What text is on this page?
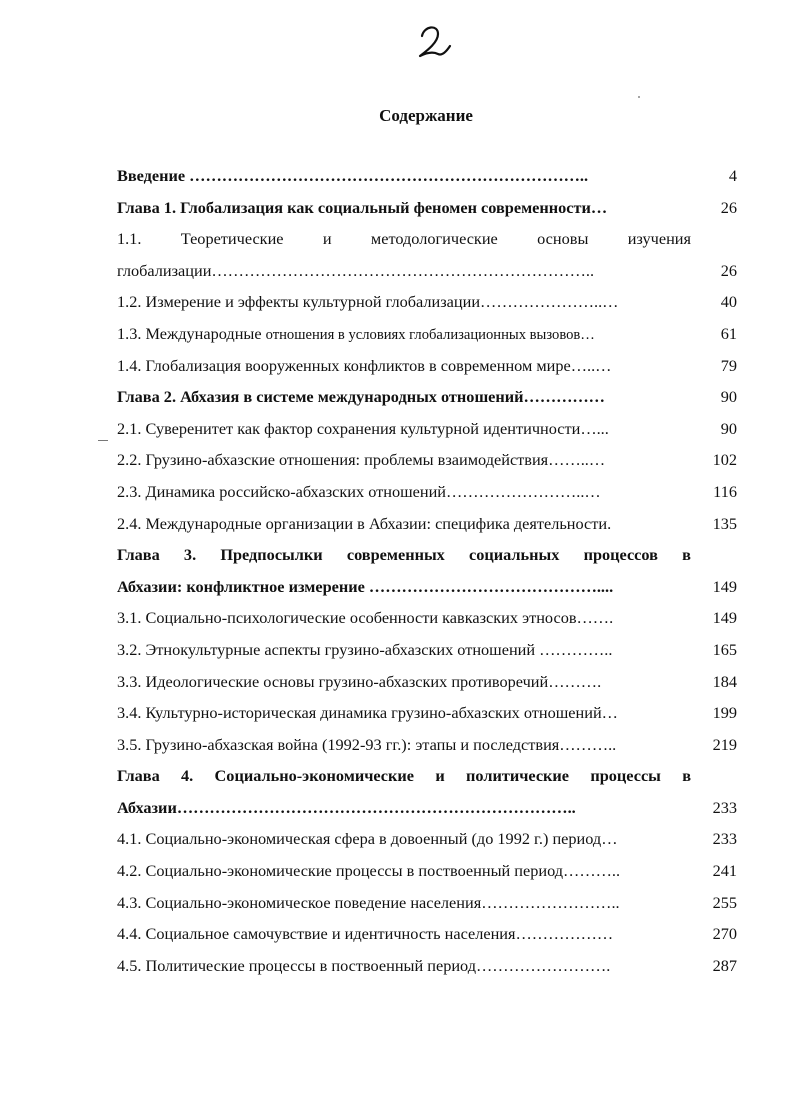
Содержание
Введение ………………………………………………………………..	4
Глава 1. Глобализация как социальный феномен современности…	26
1.1. Теоретические и методологические основы изучения
глобализации……………………………………………………………..	26
1.2. Измерение и эффекты культурной глобализации…………………..…	40
1.3. Международные отношения в условиях глобализационных вызовов…	61
1.4. Глобализация вооруженных конфликтов в современном мире…..…	79
Глава 2. Абхазия в системе международных отношений……………	90
2.1. Суверенитет как фактор сохранения культурной идентичности…...	90
2.2. Грузино-абхазские отношения: проблемы взаимодействия……..…	102
2.3. Динамика российско-абхазских отношений……………………..…	116
2.4. Международные организации в Абхазии: специфика деятельности.	135
Глава 3. Предпосылки современных социальных процессов в
Абхазии: конфликтное измерение ……………………………………....	149
3.1. Социально-психологические особенности кавказских этносов…….	149
3.2. Этнокультурные аспекты грузино-абхазских отношений …………..	165
3.3. Идеологические основы грузино-абхазских противоречий……….	184
3.4. Культурно-историческая динамика грузино-абхазских отношений…	199
3.5. Грузино-абхазская война (1992-93 гг.): этапы и последствия………..	219
Глава 4. Социально-экономические и политические процессы в
Абхазии………………………………………………………………..	233
4.1. Социально-экономическая сфера в довоенный (до 1992 г.) период…	233
4.2. Социально-экономические процессы в поствоенный период………..	241
4.3. Социально-экономическое поведение населения……………………..	255
4.4. Социальное самочувствие и идентичность населения………………	270
4.5. Политические процессы в поствоенный период…………………….	287
